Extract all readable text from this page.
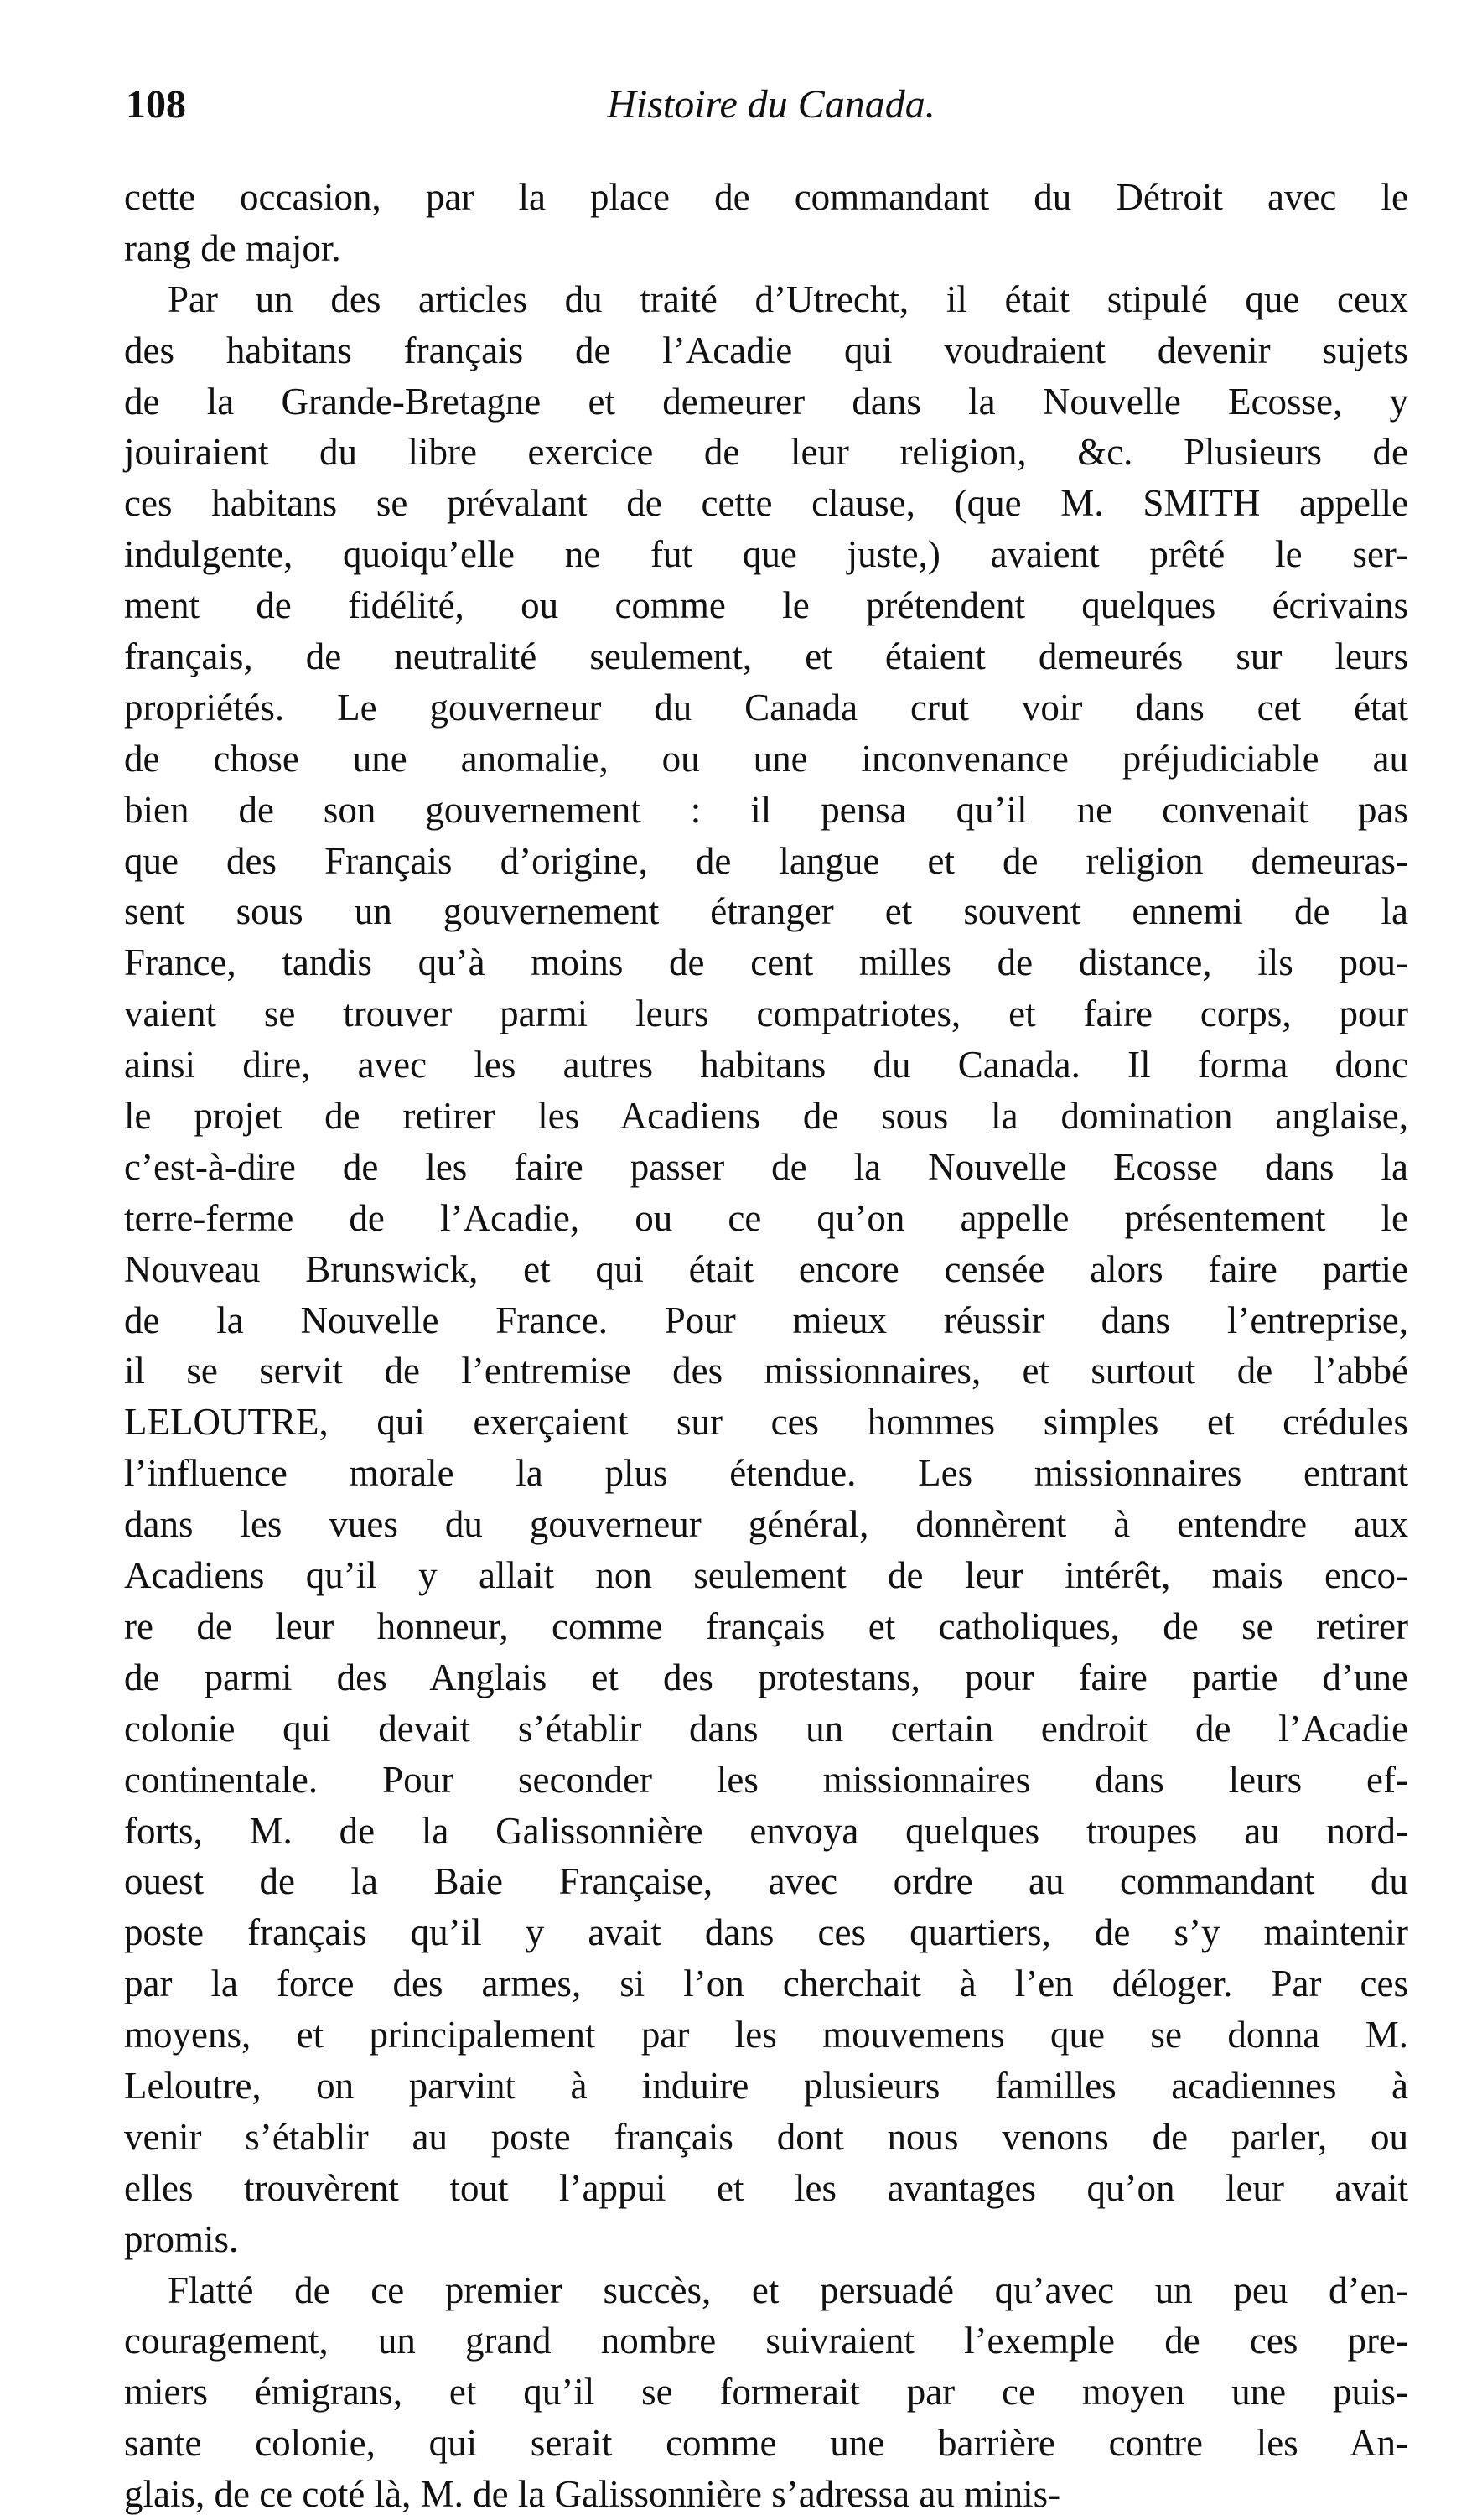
108	Histoire du Canada.
cette occasion, par la place de commandant du Détroit avec le
rang de major.
Par un des articles du traité d’Utrecht, il était stipulé que ceux
des habitans français de l’Acadie qui voudraient devenir sujets
de la Grande-Bretagne et demeurer dans la Nouvelle Ecosse, y
jouiraient du libre exercice de leur religion, &c. Plusieurs de
ces habitans se prévalant de cette clause, (que M. SMITH appelle
indulgente, quoiqu’elle ne fut que juste,) avaient prêté le ser-
ment de fidélité, ou comme le prétendent quelques écrivains
français, de neutralité seulement, et étaient demeurés sur leurs
propriétés. Le gouverneur du Canada crut voir dans cet état
de chose une anomalie, ou une inconvenance préjudiciable au
bien de son gouvernement : il pensa qu’il ne convenait pas
que des Français d’origine, de langue et de religion demeuras-
sent sous un gouvernement étranger et souvent ennemi de la
France, tandis qu’à moins de cent milles de distance, ils pou-
vaient se trouver parmi leurs compatriotes, et faire corps, pour
ainsi dire, avec les autres habitans du Canada. Il forma donc
le projet de retirer les Acadiens de sous la domination anglaise,
c’est-à-dire de les faire passer de la Nouvelle Ecosse dans la
terre-ferme de l’Acadie, ou ce qu’on appelle présentement le
Nouveau Brunswick, et qui était encore censée alors faire partie
de la Nouvelle France. Pour mieux réussir dans l’entreprise,
il se servit de l’entremise des missionnaires, et surtout de l’abbé
LELOUTRE, qui exerçaient sur ces hommes simples et crédules
l’influence morale la plus étendue. Les missionnaires entrant
dans les vues du gouverneur général, donnèrent à entendre aux
Acadiens qu’il y allait non seulement de leur intérêt, mais enco-
re de leur honneur, comme français et catholiques, de se retirer
de parmi des Anglais et des protestans, pour faire partie d’une
colonie qui devait s’établir dans un certain endroit de l’Acadie
continentale. Pour seconder les missionnaires dans leurs ef-
forts, M. de la Galissonnière envoya quelques troupes au nord-
ouest de la Baie Française, avec ordre au commandant du
poste français qu’il y avait dans ces quartiers, de s’y maintenir
par la force des armes, si l’on cherchait à l’en déloger. Par ces
moyens, et principalement par les mouvemens que se donna M.
Leloutre, on parvint à induire plusieurs familles acadiennes à
venir s’établir au poste français dont nous venons de parler, ou
elles trouvèrent tout l’appui et les avantages qu’on leur avait
promis.
Flatté de ce premier succès, et persuadé qu’avec un peu d’en-
couragement, un grand nombre suivraient l’exemple de ces pre-
miers émigrans, et qu’il se formerait par ce moyen une puis-
sante colonie, qui serait comme une barrière contre les An-
glais, de ce coté là, M. de la Galissonnière s’adressa au minis-
